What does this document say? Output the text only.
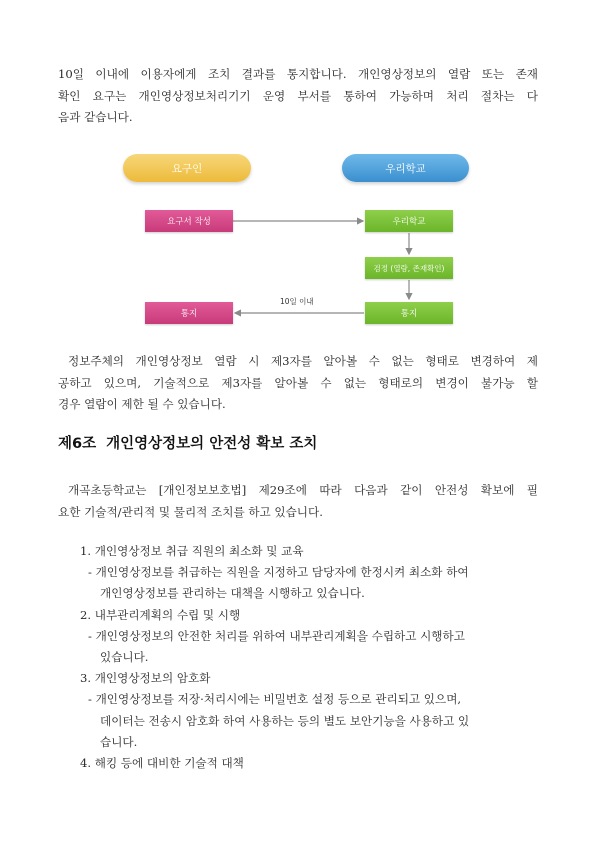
10일 이내에 이용자에게 조치 결과를 통지합니다. 개인영상정보의 열람 또는 존재
확인 요구는 개인영상정보처리기기 운영 부서를 통하여 가능하며 처리 절차는 다
음과 같습니다.
요구인	우리학교
요구서 작성	우리학교
검정 (열람, 존재확인)
통지
통지
10일 이내
정보주체의 개인영상정보 열람 시 제3자를 알아볼 수 없는 형태로 변경하여 제
공하고 있으며, 기술적으로 제3자를 알아볼 수 없는 형태로의 변경이 불가능 할
경우 열람이 제한 될 수 있습니다.
제6조 개인영상정보의 안전성 확보 조치
개곡초등학교는 [개인정보보호법] 제29조에 따라 다음과 같이 안전성 확보에 필
요한 기술적/관리적 및 물리적 조치를 하고 있습니다.
1. 개인영상정보 취급 직원의 최소화 및 교육
- 개인영상정보를 취급하는 직원을 지정하고 담당자에 한정시켜 최소화 하여
개인영상정보를 관리하는 대책을 시행하고 있습니다.
2. 내부관리계획의 수립 및 시행
- 개인영상정보의 안전한 처리를 위하여 내부관리계획을 수립하고 시행하고
있습니다.
3. 개인영상정보의 암호화
- 개인영상정보를 저장·처리시에는 비밀번호 설정 등으로 관리되고 있으며,
데이터는 전송시 암호화 하여 사용하는 등의 별도 보안기능을 사용하고 있
습니다.
4. 해킹 등에 대비한 기술적 대책
